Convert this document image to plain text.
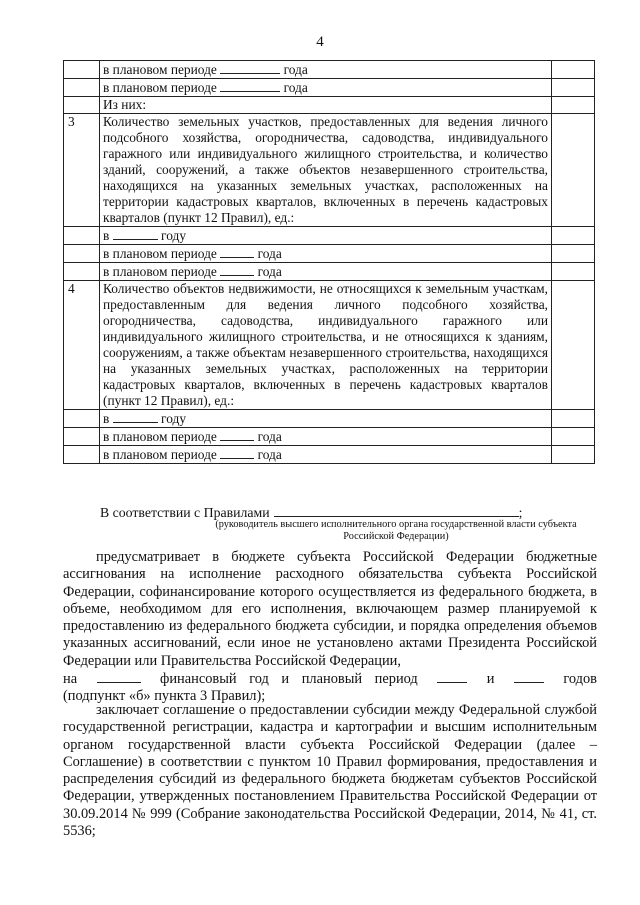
4
	в плановом периоде года	
	в плановом периоде года	
	Из них:	
3	Количество земельных участков, предоставленных для ведения личного подсобного хозяйства, огородничества, садоводства, индивидуального гаражного или индивидуального жилищного строительства, и количество зданий, сооружений, а также объектов незавершенного строительства, находящихся на указанных земельных участках, расположенных на территории кадастровых кварталов, включенных в перечень кадастровых кварталов (пункт 12 Правил), ед.:	
	в году	
	в плановом периоде года	
	в плановом периоде года	
4	Количество объектов недвижимости, не относящихся к земельным участкам, предоставленным для ведения личного подсобного хозяйства, огородничества, садоводства, индивидуального гаражного или индивидуального жилищного строительства, и не относящихся к зданиям, сооружениям, а также объектам незавершенного строительства, находящихся на указанных земельных участках, расположенных на территории кадастровых кварталов, включенных в перечень кадастровых кварталов (пункт 12 Правил), ед.:	
	в году	
	в плановом периоде года	
	в плановом периоде года	
В соответствии с Правилами	;
(руководитель высшего исполнительного органа государственной власти субъекта Российской Федерации)
предусматривает в бюджете субъекта Российской Федерации бюджетные ассигнования на исполнение расходного обязательства субъекта Российской Федерации, софинансирование которого осуществляется из федерального бюджета, в объеме, необходимом для его исполнения, включающем размер планируемой к предоставлению из федерального бюджета субсидии, и порядка определения объемов указанных ассигнований, если иное не установлено актами Президента Российской Федерации или Правительства Российской Федерации,
на	финансовый год и плановый период	и	годов
(подпункт «б» пункта 3 Правил);
заключает соглашение о предоставлении субсидии между Федеральной службой государственной регистрации, кадастра и картографии и высшим исполнительным органом государственной власти субъекта Российской Федерации (далее – Соглашение) в соответствии с пунктом 10 Правил формирования, предоставления и распределения субсидий из федерального бюджета бюджетам субъектов Российской Федерации, утвержденных постановлением Правительства Российской Федерации от 30.09.2014 № 999 (Собрание законодательства Российской Федерации, 2014, № 41, ст. 5536;
